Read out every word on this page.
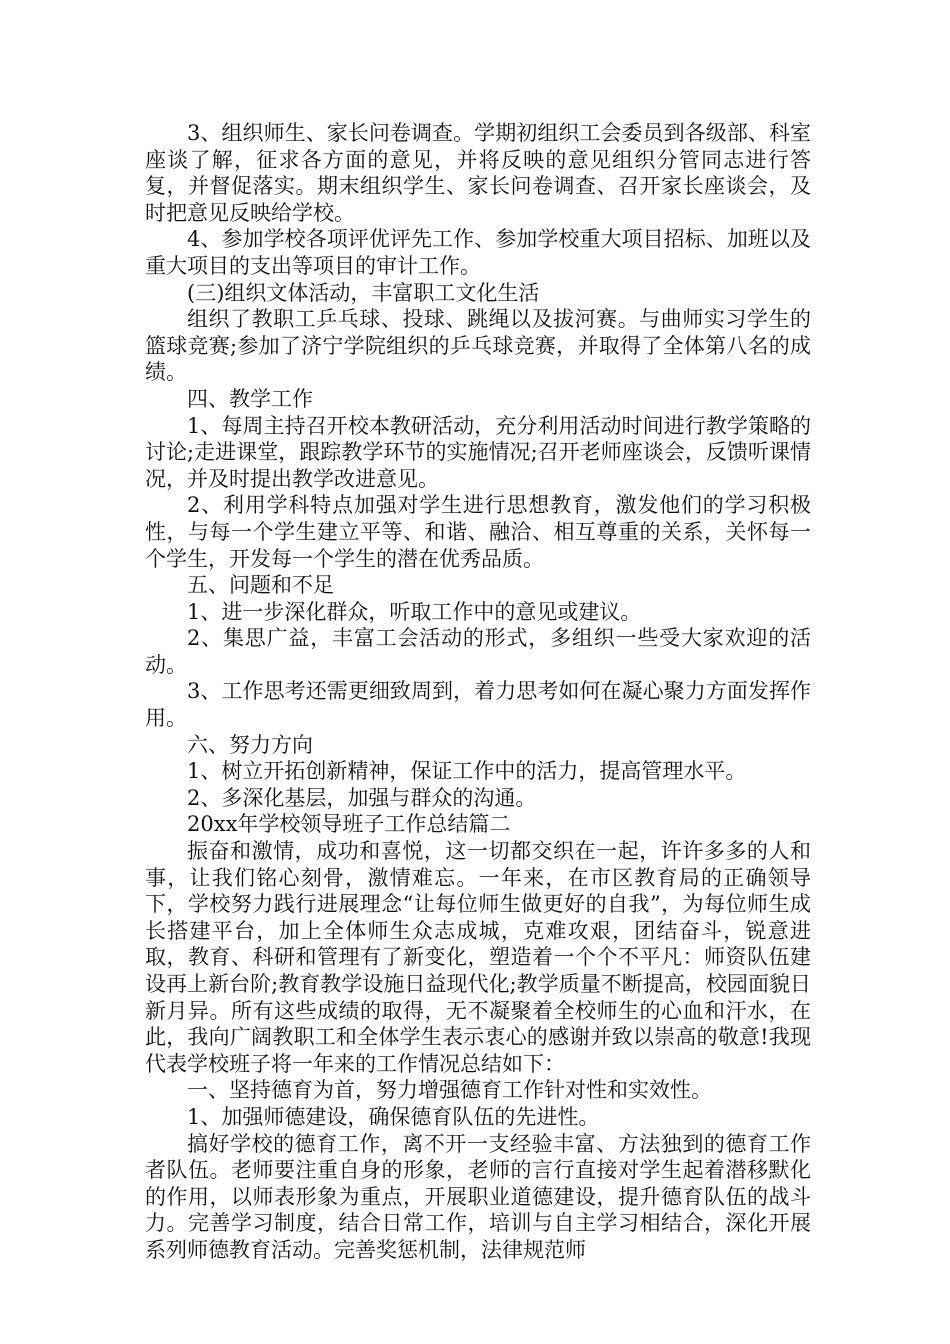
3、组织师生、家长问卷调查。学期初组织工会委员到各级部、科室座谈了解，征求各方面的意见，并将反映的意见组织分管同志进行答复，并督促落实。期末组织学生、家长问卷调查、召开家长座谈会，及时把意见反映给学校。

4、参加学校各项评优评先工作、参加学校重大项目招标、加班以及重大项目的支出等项目的审计工作。

(三)组织文体活动，丰富职工文化生活

组织了教职工乒乓球、投球、跳绳以及拔河赛。与曲师实习学生的篮球竞赛;参加了济宁学院组织的乒乓球竞赛，并取得了全体第八名的成绩。

四、教学工作

1、每周主持召开校本教研活动，充分利用活动时间进行教学策略的讨论;走进课堂，跟踪教学环节的实施情况;召开老师座谈会，反馈听课情况，并及时提出教学改进意见。

2、利用学科特点加强对学生进行思想教育，激发他们的学习积极性，与每一个学生建立平等、和谐、融洽、相互尊重的关系，关怀每一个学生，开发每一个学生的潜在优秀品质。

五、问题和不足

1、进一步深化群众，听取工作中的意见或建议。

2、集思广益，丰富工会活动的形式，多组织一些受大家欢迎的活动。

3、工作思考还需更细致周到，着力思考如何在凝心聚力方面发挥作用。

六、努力方向

1、树立开拓创新精神，保证工作中的活力，提高管理水平。

2、多深化基层，加强与群众的沟通。

20xx年学校领导班子工作总结篇二

振奋和激情，成功和喜悦，这一切都交织在一起，许许多多的人和事，让我们铭心刻骨，激情难忘。一年来，在市区教育局的正确领导下，学校努力践行进展理念“让每位师生做更好的自我”，为每位师生成长搭建平台，加上全体师生众志成城，克难攻艰，团结奋斗，锐意进取，教育、科研和管理有了新变化，塑造着一个个不平凡：师资队伍建设再上新台阶;教育教学设施日益现代化;教学质量不断提高，校园面貌日新月异。所有这些成绩的取得，无不凝聚着全校师生的心血和汗水，在此，我向广阔教职工和全体学生表示衷心的感谢并致以崇高的敬意!我现代表学校班子将一年来的工作情况总结如下：

一、坚持德育为首，努力增强德育工作针对性和实效性。

1、加强师德建设，确保德育队伍的先进性。

搞好学校的德育工作，离不开一支经验丰富、方法独到的德育工作者队伍。老师要注重自身的形象，老师的言行直接对学生起着潜移默化的作用，以师表形象为重点，开展职业道德建设，提升德育队伍的战斗力。完善学习制度，结合日常工作，培训与自主学习相结合，深化开展系列师德教育活动。完善奖惩机制，法律规范师
